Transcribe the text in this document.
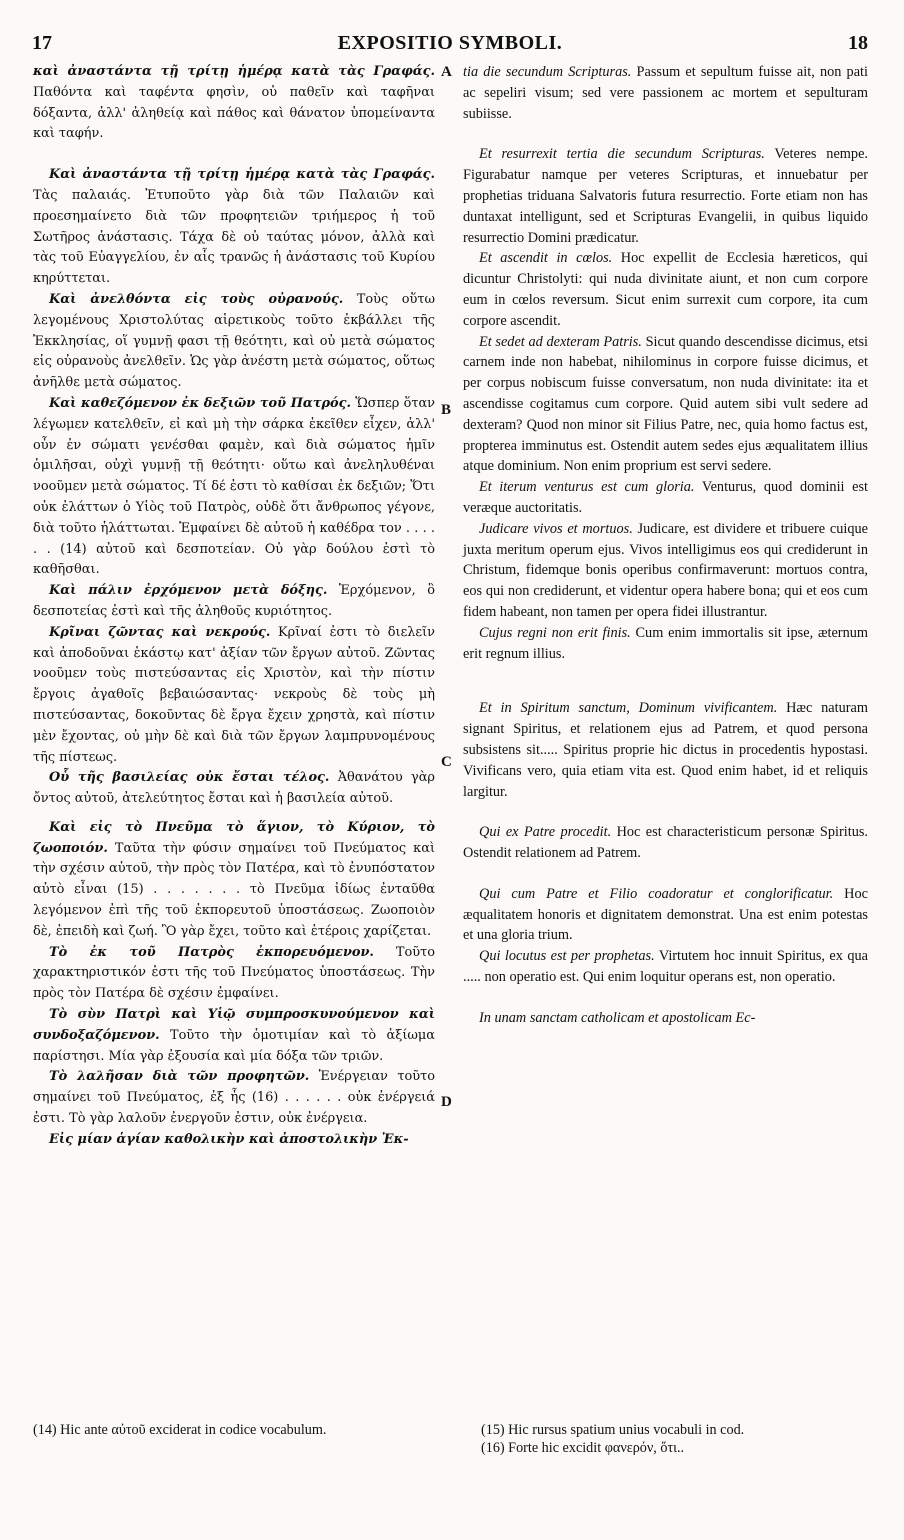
17	EXPOSITIO SYMBOLI.	18
A
B
C
D

καὶ ἀναστάντα τῇ τρίτῃ ἡμέρᾳ κατὰ τὰς Γραφάς. Παθόντα καὶ ταφέντα φησὶν, οὐ παθεῖν καὶ ταφῆναι δόξαντα, ἀλλ' ἀληθείᾳ καὶ πάθος καὶ θάνατον ὑπομείναντα καὶ ταφήν.

Καὶ ἀναστάντα τῇ τρίτῃ ἡμέρᾳ κατὰ τὰς Γραφάς. Τὰς παλαιάς. Ἐτυποῦτο γὰρ διὰ τῶν Παλαιῶν καὶ προεσημαίνετο διὰ τῶν προφητειῶν τριήμερος ἡ τοῦ Σωτῆρος ἀνάστασις. Τάχα δὲ οὐ ταύτας μόνον, ἀλλὰ καὶ τὰς τοῦ Εὐαγγελίου, ἐν αἷς τρανῶς ἡ ἀνάστασις τοῦ Κυρίου κηρύττεται.

Καὶ ἀνελθόντα εἰς τοὺς οὐρανούς. Τοὺς οὕτω λεγομένους Χριστολύτας αἱρετικοὺς τοῦτο ἐκβάλλει τῆς Ἐκκλησίας, οἵ γυμνῇ φασι τῇ θεότητι, καὶ οὐ μετὰ σώματος εἰς οὐρανοὺς ἀνελθεῖν. Ὡς γὰρ ἀνέστη μετὰ σώματος, οὕτως ἀνῆλθε μετὰ σώματος.

Καὶ καθεζόμενον ἐκ δεξιῶν τοῦ Πατρός. Ὥσπερ ὅταν λέγωμεν κατελθεῖν, εἰ καὶ μὴ τὴν σάρκα ἐκεῖθεν εἶχεν, ἀλλ' οὖν ἐν σώματι γενέσθαι φαμὲν, καὶ διὰ σώματος ἡμῖν ὁμιλῆσαι, οὐχὶ γυμνῇ τῇ θεότητι· οὕτω καὶ ἀνεληλυθέναι νοοῦμεν μετὰ σώματος. Τί δέ ἐστι τὸ καθίσαι ἐκ δεξιῶν; Ὅτι οὐκ ἐλάττων ὁ Υἱὸς τοῦ Πατρὸς, οὐδὲ ὅτι ἄνθρωπος γέγονε, διὰ τοῦτο ἠλάττωται. Ἐμφαίνει δὲ αὐτοῦ ἡ καθέδρα τον . . . . . . (14) αὐτοῦ καὶ δεσποτείαν. Οὐ γὰρ δούλου ἐστὶ τὸ καθῆσθαι.

Καὶ πάλιν ἐρχόμενον μετὰ δόξης. Ἐρχόμενον, ὃ δεσποτείας ἐστὶ καὶ τῆς ἀληθοῦς κυριότητος.

Κρῖναι ζῶντας καὶ νεκρούς. Κρῖναί ἐστι τὸ διελεῖν καὶ ἀποδοῦναι ἑκάστῳ κατ' ἀξίαν τῶν ἔργων αὐτοῦ. Ζῶντας νοοῦμεν τοὺς πιστεύσαντας εἰς Χριστὸν, καὶ τὴν πίστιν ἔργοις ἀγαθοῖς βεβαιώσαντας· νεκροὺς δὲ τοὺς μὴ πιστεύσαντας, δοκοῦντας δὲ ἔργα ἔχειν χρηστὰ, καὶ πίστιν μὲν ἔχοντας, οὐ μὴν δὲ καὶ διὰ τῶν ἔργων λαμπρυνομένους τῆς πίστεως.

Οὗ τῆς βασιλείας οὐκ ἔσται τέλος. Ἀθανάτου γὰρ ὄντος αὐτοῦ, ἀτελεύτητος ἔσται καὶ ἡ βασιλεία αὐτοῦ.

Καὶ εἰς τὸ Πνεῦμα τὸ ἅγιον, τὸ Κύριον, τὸ ζωοποιόν. Ταῦτα τὴν φύσιν σημαίνει τοῦ Πνεύματος καὶ τὴν σχέσιν αὐτοῦ, τὴν πρὸς τὸν Πατέρα, καὶ τὸ ἐνυπόστατον αὐτὸ εἶναι (15) . . . . . . . τὸ Πνεῦμα ἰδίως ἐνταῦθα λεγόμενον ἐπὶ τῆς τοῦ ἐκπορευτοῦ ὑποστάσεως. Ζωοποιὸν δὲ, ἐπειδὴ καὶ ζωή. Ὃ γὰρ ἔχει, τοῦτο καὶ ἑτέροις χαρίζεται.

Τὸ ἐκ τοῦ Πατρὸς ἐκπορευόμενον. Τοῦτο χαρακτηριστικόν ἐστι τῆς τοῦ Πνεύματος ὑποστάσεως. Τὴν πρὸς τὸν Πατέρα δὲ σχέσιν ἐμφαίνει.

Τὸ σὺν Πατρὶ καὶ Υἱῷ συμπροσκυνούμενον καὶ συνδοξαζόμενον. Τοῦτο τὴν ὁμοτιμίαν καὶ τὸ ἀξίωμα παρίστησι. Μία γὰρ ἐξουσία καὶ μία δόξα τῶν τριῶν.

Τὸ λαλῆσαν διὰ τῶν προφητῶν. Ἐνέργειαν τοῦτο σημαίνει τοῦ Πνεύματος, ἐξ ἧς (16) . . . . . . οὐκ ἐνέργειά ἐστι. Τὸ γὰρ λαλοῦν ἐνεργοῦν ἐστιν, οὐκ ἐνέργεια.

Εἰς μίαν ἁγίαν καθολικὴν καὶ ἀποστολικὴν Ἐκ-

tia die secundum Scripturas. Passum et sepultum fuisse ait, non pati ac sepeliri visum; sed vere passionem ac mortem et sepulturam subiisse.

Et resurrexit tertia die secundum Scripturas. Veteres nempe. Figurabatur namque per veteres Scripturas, et innuebatur per prophetias triduana Salvatoris futura resurrectio. Forte etiam non has duntaxat intelligunt, sed et Scripturas Evangelii, in quibus liquido resurrectio Domini prædicatur.

Et ascendit in cœlos. Hoc expellit de Ecclesia hæreticos, qui dicuntur Christolyti: qui nuda divinitate aiunt, et non cum corpore eum in cœlos reversum. Sicut enim surrexit cum corpore, ita cum corpore ascendit.

Et sedet ad dexteram Patris. Sicut quando descendisse dicimus, etsi carnem inde non habebat, nihilominus in corpore fuisse dicimus, et per corpus nobiscum fuisse conversatum, non nuda divinitate: ita et ascendisse cogitamus cum corpore. Quid autem sibi vult sedere ad dexteram? Quod non minor sit Filius Patre, nec, quia homo factus est, propterea imminutus est. Ostendit autem sedes ejus æqualitatem illius atque dominium. Non enim proprium est servi sedere.

Et iterum venturus est cum gloria. Venturus, quod dominii est veræque auctoritatis.

Judicare vivos et mortuos. Judicare, est dividere et tribuere cuique juxta meritum operum ejus. Vivos intelligimus eos qui crediderunt in Christum, fidemque bonis operibus confirmaverunt: mortuos contra, eos qui non crediderunt, et videntur opera habere bona; qui et eos cum fidem habeant, non tamen per opera fidei illustrantur.

Cujus regni non erit finis. Cum enim immortalis sit ipse, æternum erit regnum illius.

Et in Spiritum sanctum, Dominum vivificantem. Hæc naturam signant Spiritus, et relationem ejus ad Patrem, et quod persona subsistens sit..... Spiritus proprie hic dictus in procedentis hypostasi. Vivificans vero, quia etiam vita est. Quod enim habet, id et reliquis largitur.

Qui ex Patre procedit. Hoc est characteristicum personæ Spiritus. Ostendit relationem ad Patrem.

Qui cum Patre et Filio coadoratur et conglorificatur. Hoc æqualitatem honoris et dignitatem demonstrat. Una est enim potestas et una gloria trium.

Qui locutus est per prophetas. Virtutem hoc innuit Spiritus, ex qua ..... non operatio est. Qui enim loquitur operans est, non operatio.

In unam sanctam catholicam et apostolicam Ec-

(14) Hic ante αὐτοῦ exciderat in codice vocabulum.	(15) Hic rursus spatium unius vocabuli in cod.
(16) Forte hic excidit φανερόν, ὅτι..
